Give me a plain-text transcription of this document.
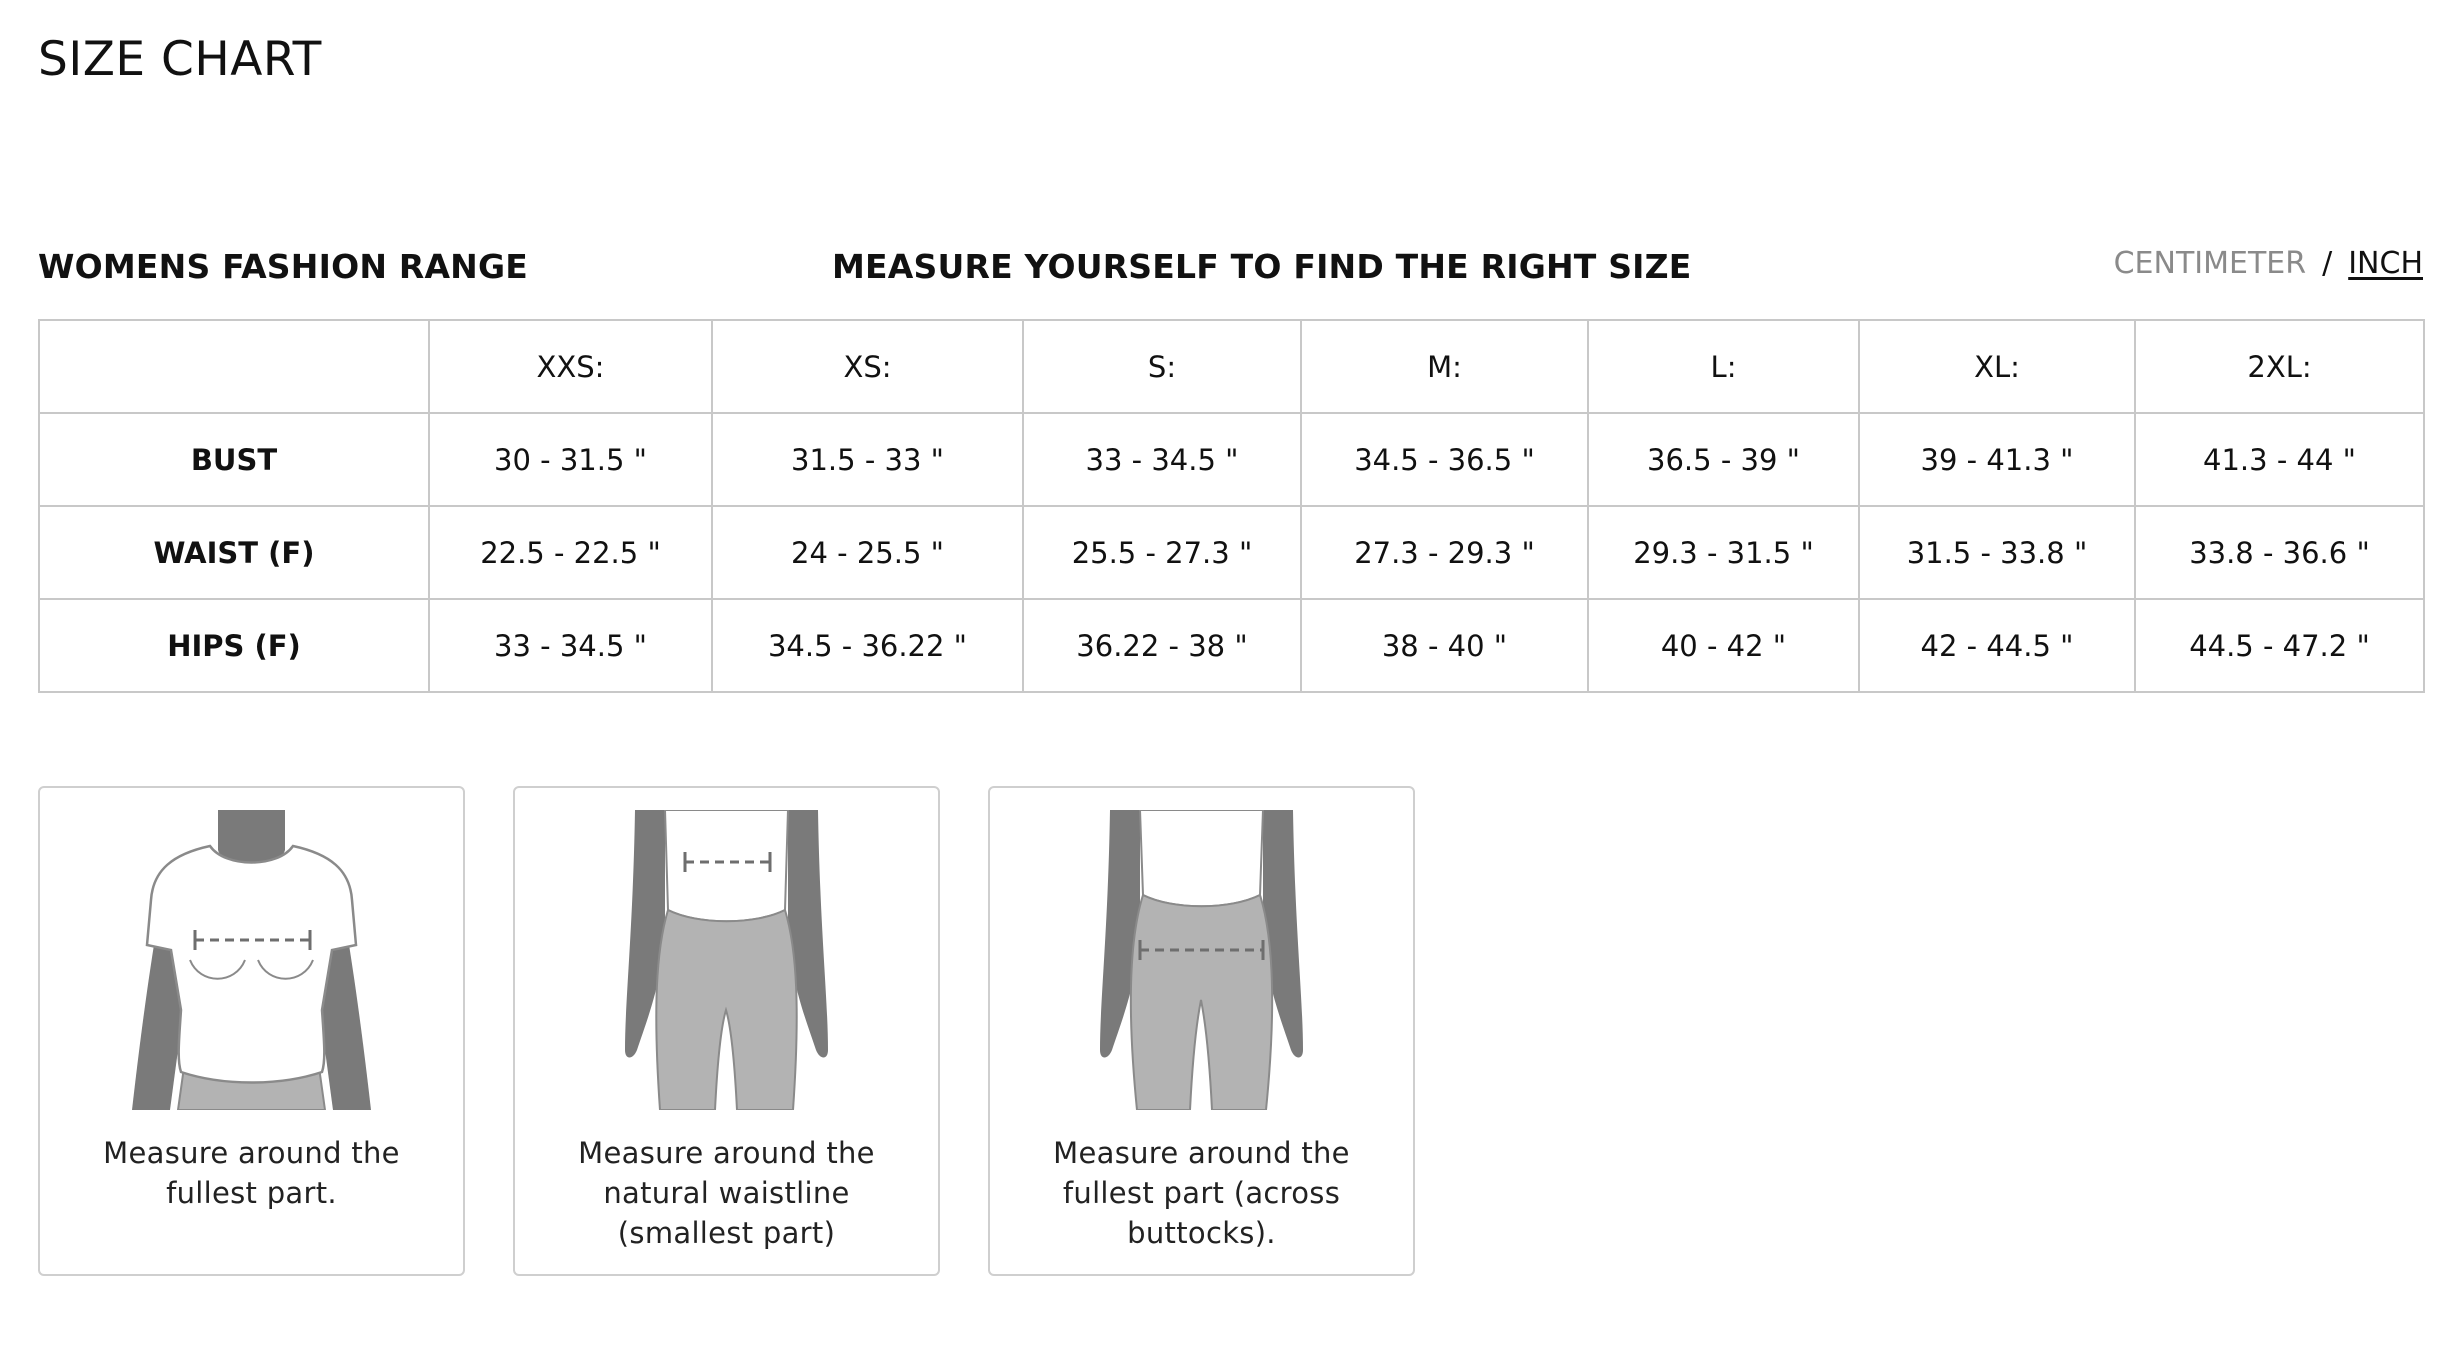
SIZE CHART
WOMENS FASHION RANGE	MEASURE YOURSELF TO FIND THE RIGHT SIZE	CENTIMETER / INCH
	XXS:	XS:	S:	M:	L:	XL:	2XL:
BUST	30 - 31.5 "	31.5 - 33 "	33 - 34.5 "	34.5 - 36.5 "	36.5 - 39 "	39 - 41.3 "	41.3 - 44 "
WAIST (F)	22.5 - 22.5 "	24 - 25.5 "	25.5 - 27.3 "	27.3 - 29.3 "	29.3 - 31.5 "	31.5 - 33.8 "	33.8 - 36.6 "
HIPS (F)	33 - 34.5 "	34.5 - 36.22 "	36.22 - 38 "	38 - 40 "	40 - 42 "	42 - 44.5 "	44.5 - 47.2 "
Measure around the fullest part.
Measure around the natural waistline (smallest part)
Measure around the fullest part (across buttocks).
